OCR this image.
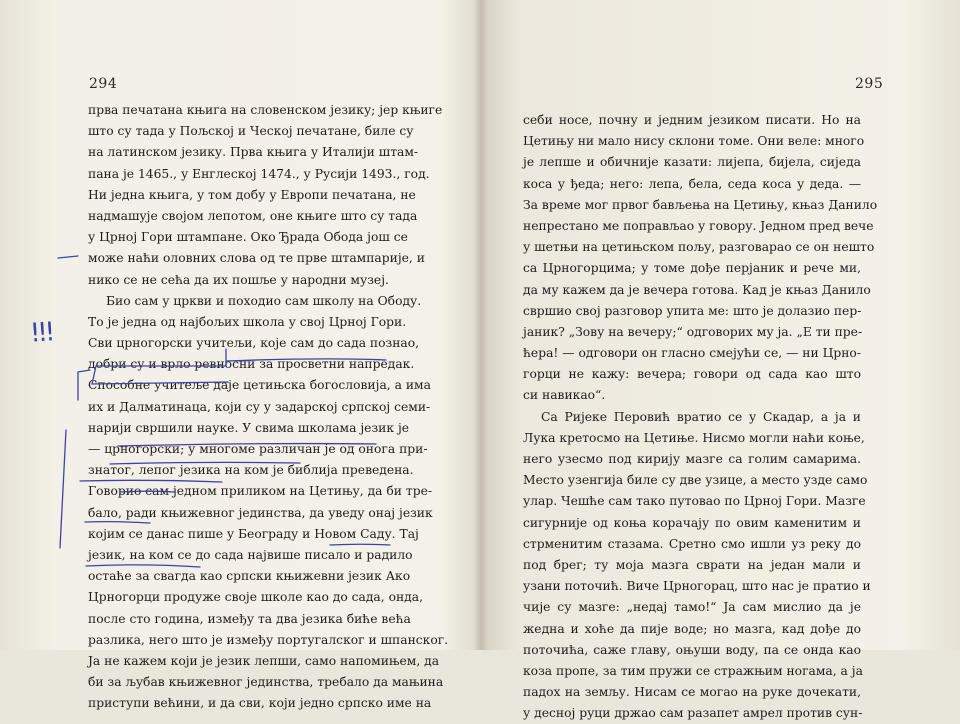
294
прва печатана књига на словенском језику; јер књиге
што су тада у Пољској и Ческој печатане, биле су
на латинском језику. Прва књига у Италији штам-
пана је 1465., у Енглеској 1474., у Русији 1493., год.
Ни једна књига, у том добу у Европи печатана, не
надмашује својом лепотом, оне књиге што су тада
у Црној Гори штампане. Око Ђрада Обода још се
може наћи оловних слова од те прве штампарије, и
нико се не сећа да их пошље у народни музеј.
Био сам у цркви и походио сам школу на Ободу.
То је једна од најбољих школа у свој Црној Гори.
Сви црногорски учитељи, које сам до сада познао,
добри су и врло ревносни за просветни напредак.
Способне учитеље даје цетињска богословија, а има
их и Далматинаца, који су у задарској српској семи-
нарији свршили науке. У свима школама језик је
— црногорски; у многоме различан је од онога при-
знатог, лепог језика на ком је библија преведена.
Говорио сам једном приликом на Цетињу, да би тре-
бало, ради књижевног јединства, да уведу онај језик
којим се данас пише у Београду и Новом Саду. Тај
језик, на ком се до сада највише писало и радило
остаће за свагда као српски књижевни језик Ако
Црногорци продуже своје школе као до сада, онда,
после сто година, између та два језика биће већа
разлика, него што је између португалског и шпанског.
Ја не кажем који је језик лепши, само напомињем, да
би за љубав књижевног јединства, требало да мањина
приступи већини, и да сви, који једно српско име на
295
себи носе, почну и једним језиком писати. Но на
Цетињу ни мало нису склони томе. Они веле: много
је лепше и обичније казати: лијепа, бијела, сиједа
коса у ђеда; него: лепа, бела, седа коса у деда. —
За време мог првог бављења на Цетињу, књаз Данило
непрестано ме поправљао у говору. Једном пред вече
у шетњи на цетињском пољу, разговарао се он нешто
са Црногорцима; у томе дође перјаник и рече ми,
да му кажем да је вечера готова. Кад је књаз Данило
свршио свој разговор упита ме: што је долазио пер-
јаник? „Зову на вечеру;“ одговорих му ја. „Е ти пре-
ћера! — одговори он гласно смејући се, — ни Црно-
горци не кажу: вечера; говори од сада као што
си навикао“.
Са Ријеке Перовић вратио се у Скадар, а ја и
Лука кретосмо на Цетиње. Нисмо могли наћи коње,
него узесмо под кирију мазге са голим самарима.
Место узенгија биле су две узице, а место узде само
улар. Чешће сам тако путовао по Црној Гори. Мазге
сигурније од коња корачају по овим каменитим и
стрменитим стазама. Сретно смо ишли уз реку до
под брег; ту моја мазга сврати на један мали и
узани поточић. Виче Црногорац, што нас је пратио и
чије су мазге: „недај тамо!“ Ја сам мислио да је
жедна и хоће да пије воде; но мазга, кад дође до
поточића, саже главу, оњуши воду, па се онда као
коза пропе, за тим пружи се стражњим ногама, а ја
падох на земљу. Нисам се могао на руке дочекати,
у десној руци држао сам разапет амрел против сун-
!!!
